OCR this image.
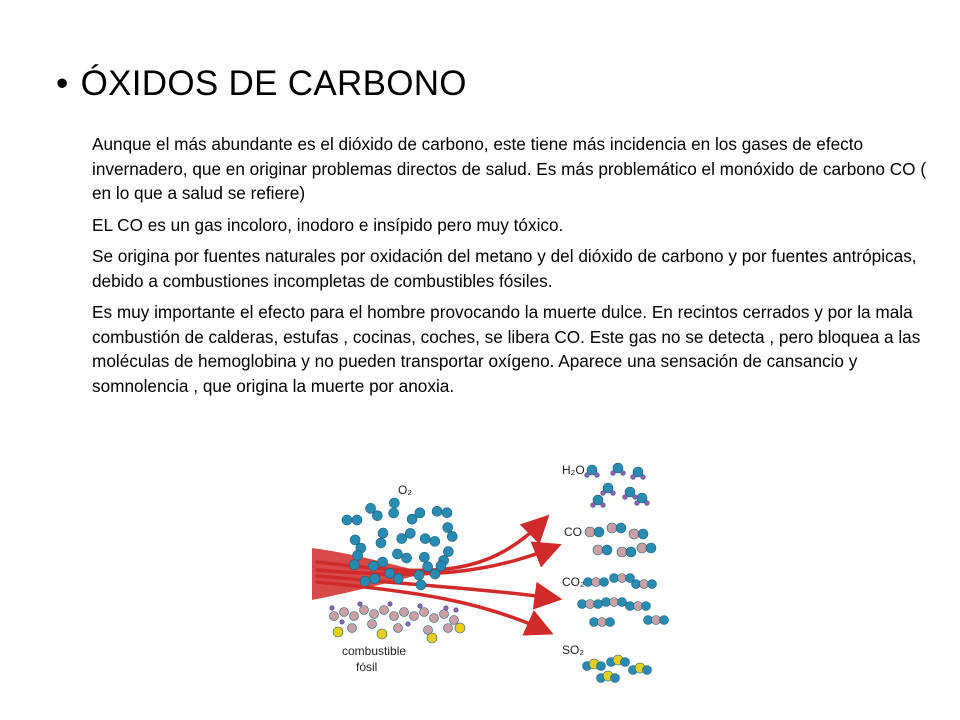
• ÓXIDOS DE CARBONO

Aunque el más abundante es el dióxido de carbono, este tiene más incidencia en los gases de efecto invernadero, que en originar problemas directos de salud. Es más problemático el monóxido de carbono CO ( en lo que a salud se refiere)

EL CO es un gas incoloro, inodoro e insípido pero muy tóxico.

Se origina por fuentes naturales por oxidación del metano y del dióxido de carbono y por fuentes antrópicas, debido a combustiones incompletas de combustibles fósiles.

Es muy importante el efecto para el hombre provocando la muerte dulce. En recintos cerrados y por la mala combustión de calderas, estufas , cocinas, coches, se libera CO. Este gas no se detecta , pero bloquea a las moléculas de hemoglobina y no pueden transportar oxígeno. Aparece una sensación de cansancio y somnolencia , que origina la muerte por anoxia.

O₂
combustible
fósil
H₂O
CO
CO₂
SO₂
